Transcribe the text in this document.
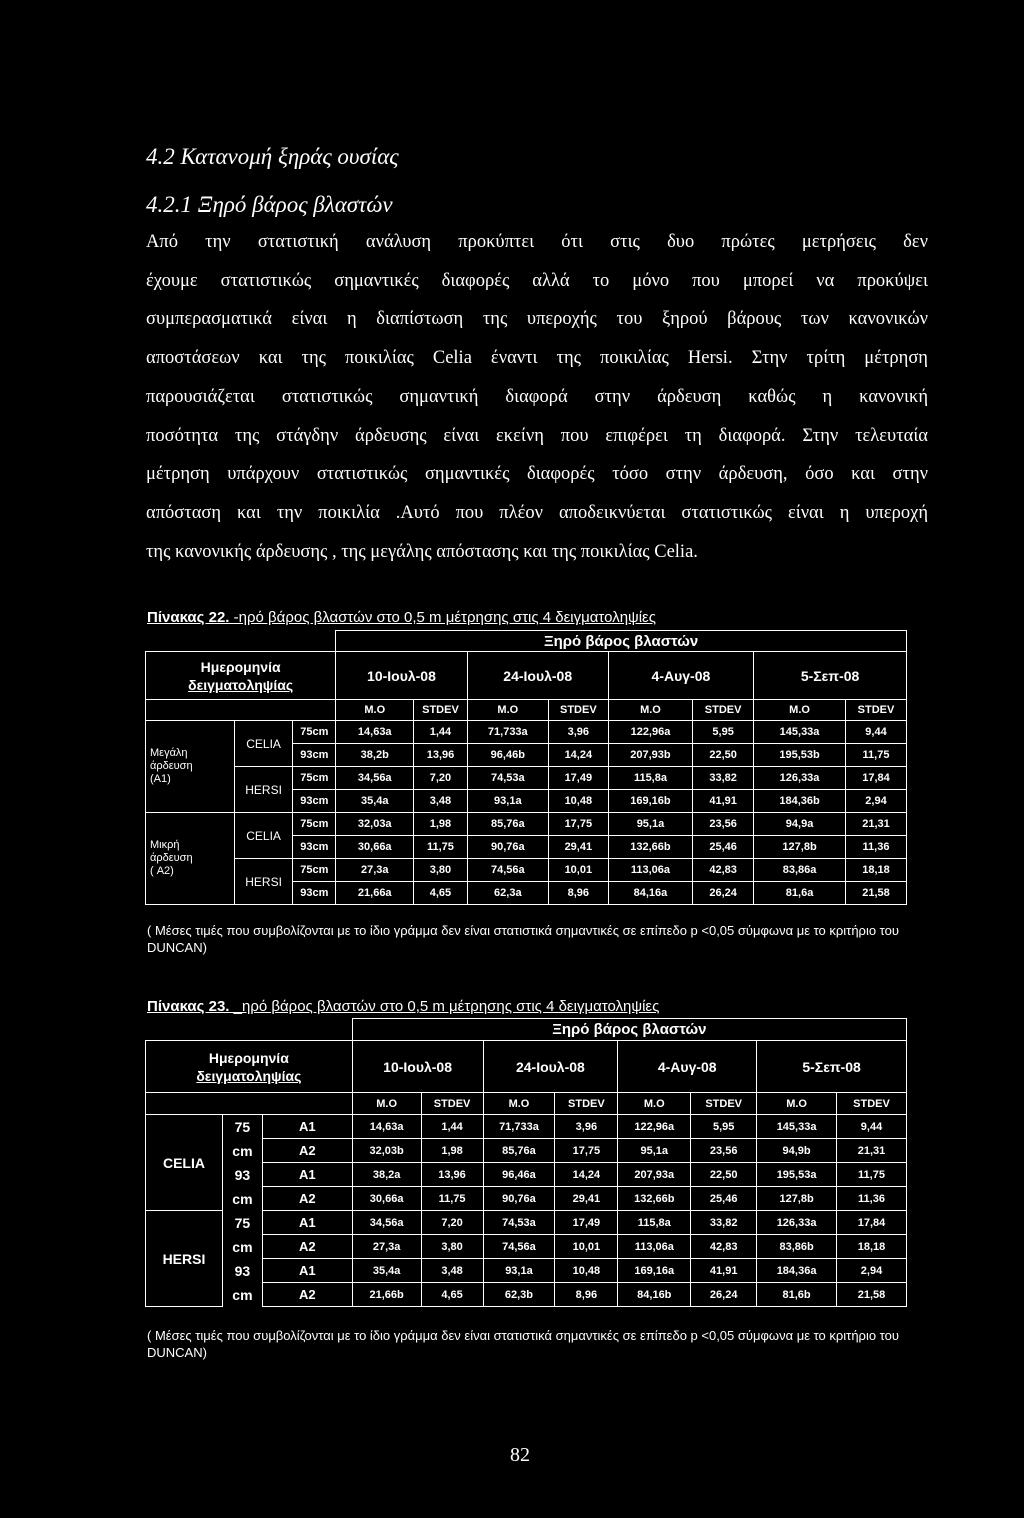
4.2 Κατανομή ξηράς ουσίας
4.2.1 Ξηρό βάρος βλαστών

Από την στατιστική ανάλυση προκύπτει ότι στις δυο πρώτες μετρήσεις δεν
έχουμε στατιστικώς σημαντικές διαφορές αλλά το μόνο που μπορεί να προκύψει
συμπερασματικά είναι η διαπίστωση της υπεροχής του ξηρού βάρους των κανονικών
αποστάσεων και της ποικιλίας Celia έναντι της ποικιλίας Hersi. Στην τρίτη μέτρηση
παρουσιάζεται στατιστικώς σημαντική διαφορά στην άρδευση καθώς η κανονική
ποσότητα της στάγδην άρδευσης είναι εκείνη που επιφέρει τη διαφορά. Στην τελευταία
μέτρηση υπάρχουν στατιστικώς σημαντικές διαφορές τόσο στην άρδευση, όσο και στην
απόσταση και την ποικιλία .Αυτό που πλέον αποδεικνύεται στατιστικώς είναι η υπεροχή
της κανονικής άρδευσης , της μεγάλης απόστασης και της ποικιλίας Celia.

Πίνακας 22. -ηρό βάρος βλαστών στο 0,5 m μέτρησης στις 4 δειγματοληψίες
			Ξηρό βάρος βλαστών							
Ημερομηνία
δειγματοληψίας			10-Ιουλ-08		24-Ιουλ-08		4-Αυγ-08		5-Σεπ-08	
			M.O	STDEV	M.O	STDEV	M.O	STDEV	M.O	STDEV
Μεγάλη
άρδευση
(A1)	CELIA	75cm	14,63a	1,44	71,733a	3,96	122,96a	5,95	145,33a	9,44
		93cm	38,2b	13,96	96,46b	14,24	207,93b	22,50	195,53b	11,75
	HERSI	75cm	34,56a	7,20	74,53a	17,49	115,8a	33,82	126,33a	17,84
		93cm	35,4a	3,48	93,1a	10,48	169,16b	41,91	184,36b	2,94
Μικρή
άρδευση
( A2)	CELIA	75cm	32,03a	1,98	85,76a	17,75	95,1a	23,56	94,9a	21,31
		93cm	30,66a	11,75	90,76a	29,41	132,66b	25,46	127,8b	11,36
	HERSI	75cm	27,3a	3,80	74,56a	10,01	113,06a	42,83	83,86a	18,18
		93cm	21,66a	4,65	62,3a	8,96	84,16a	26,24	81,6a	21,58

( Μέσες τιμές που συμβολίζονται με το ίδιο γράμμα δεν είναι στατιστικά σημαντικές σε επίπεδο p <0,05 σύμφωνα με το κριτήριο του DUNCAN)

Πίνακας 23. _ηρό βάρος βλαστών στο 0,5 m μέτρησης στις 4 δειγματοληψίες
			Ξηρό βάρος βλαστών							
Ημερομηνία
δειγματοληψίας			10-Ιουλ-08		24-Ιουλ-08		4-Αυγ-08		5-Σεπ-08	
			M.O	STDEV	M.O	STDEV	M.O	STDEV	M.O	STDEV
CELIA	75	A1	14,63a	1,44	71,733a	3,96	122,96a	5,95	145,33a	9,44
	cm	A2	32,03b	1,98	85,76a	17,75	95,1a	23,56	94,9b	21,31
	93	A1	38,2a	13,96	96,46a	14,24	207,93a	22,50	195,53a	11,75
	cm	A2	30,66a	11,75	90,76a	29,41	132,66b	25,46	127,8b	11,36
HERSI	75	A1	34,56a	7,20	74,53a	17,49	115,8a	33,82	126,33a	17,84
	cm	A2	27,3a	3,80	74,56a	10,01	113,06a	42,83	83,86b	18,18
	93	A1	35,4a	3,48	93,1a	10,48	169,16a	41,91	184,36a	2,94
	cm	A2	21,66b	4,65	62,3b	8,96	84,16b	26,24	81,6b	21,58

( Μέσες τιμές που συμβολίζονται με το ίδιο γράμμα δεν είναι στατιστικά σημαντικές σε επίπεδο p <0,05 σύμφωνα με το κριτήριο του DUNCAN)

82
